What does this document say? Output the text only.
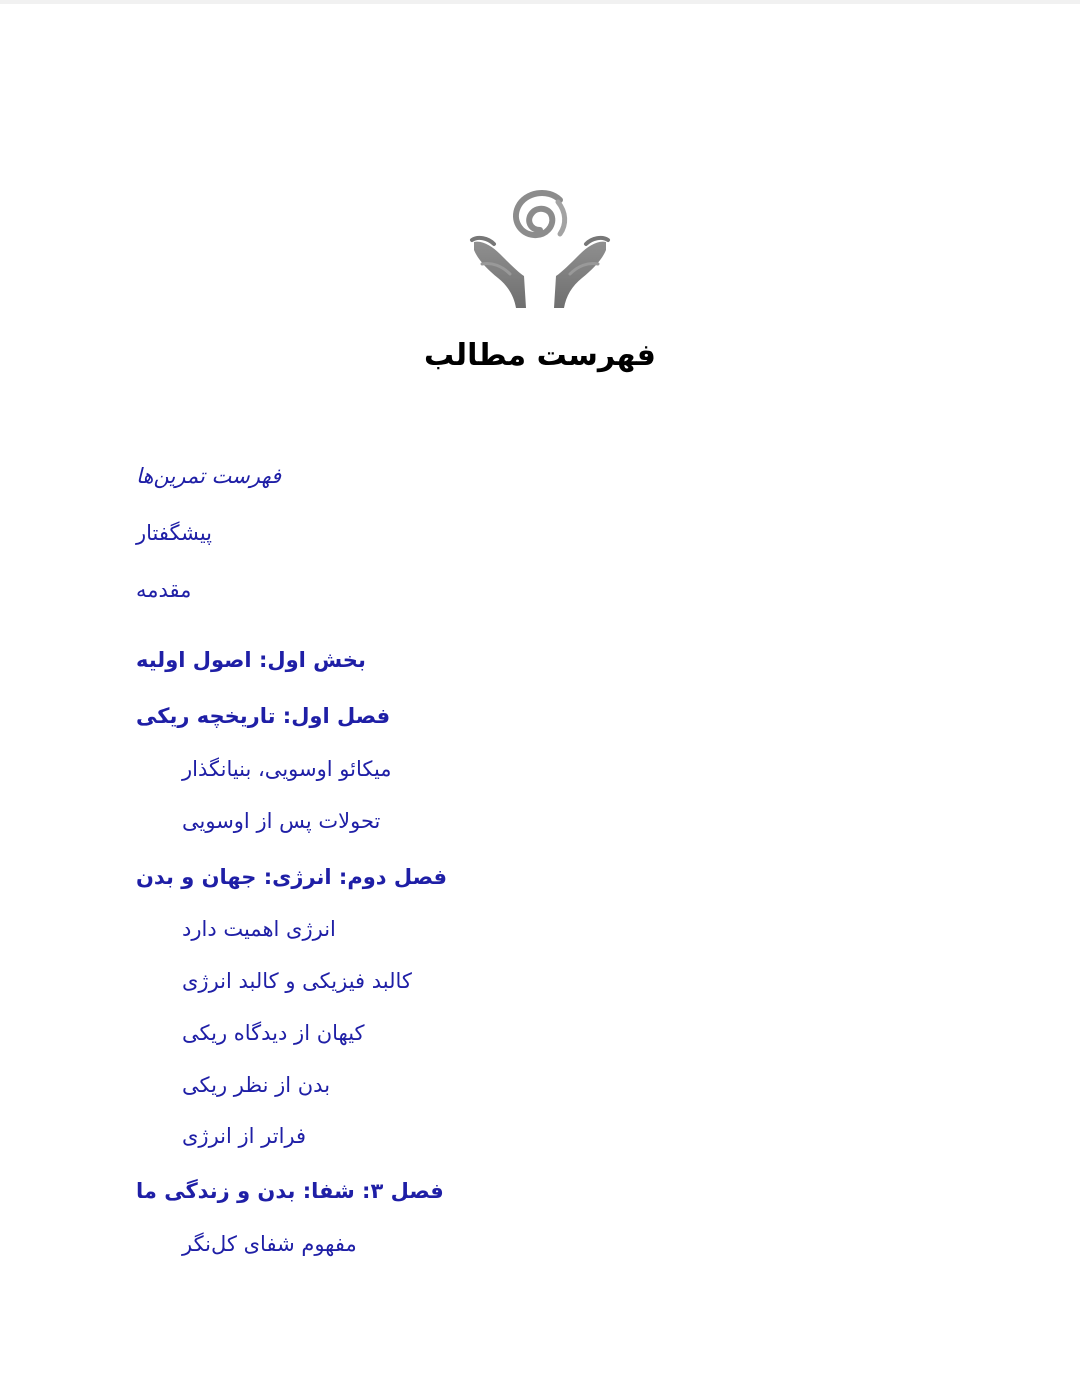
فهرست مطالب
فهرست تمرین‌ها
پیشگفتار
مقدمه
بخش اول: اصول اولیه
فصل اول: تاریخچه ریکی
میکائو اوسویی، بنیانگذار
تحولات پس از اوسویی
فصل دوم: انرژی: جهان و بدن
انرژی اهمیت دارد
کالبد فیزیکی و کالبد انرژی
کیهان از دیدگاه ریکی
بدن از نظر ریکی
فراتر از انرژی
فصل ۳: شفا: بدن و زندگی ما
مفهوم شفای کل‌نگر
